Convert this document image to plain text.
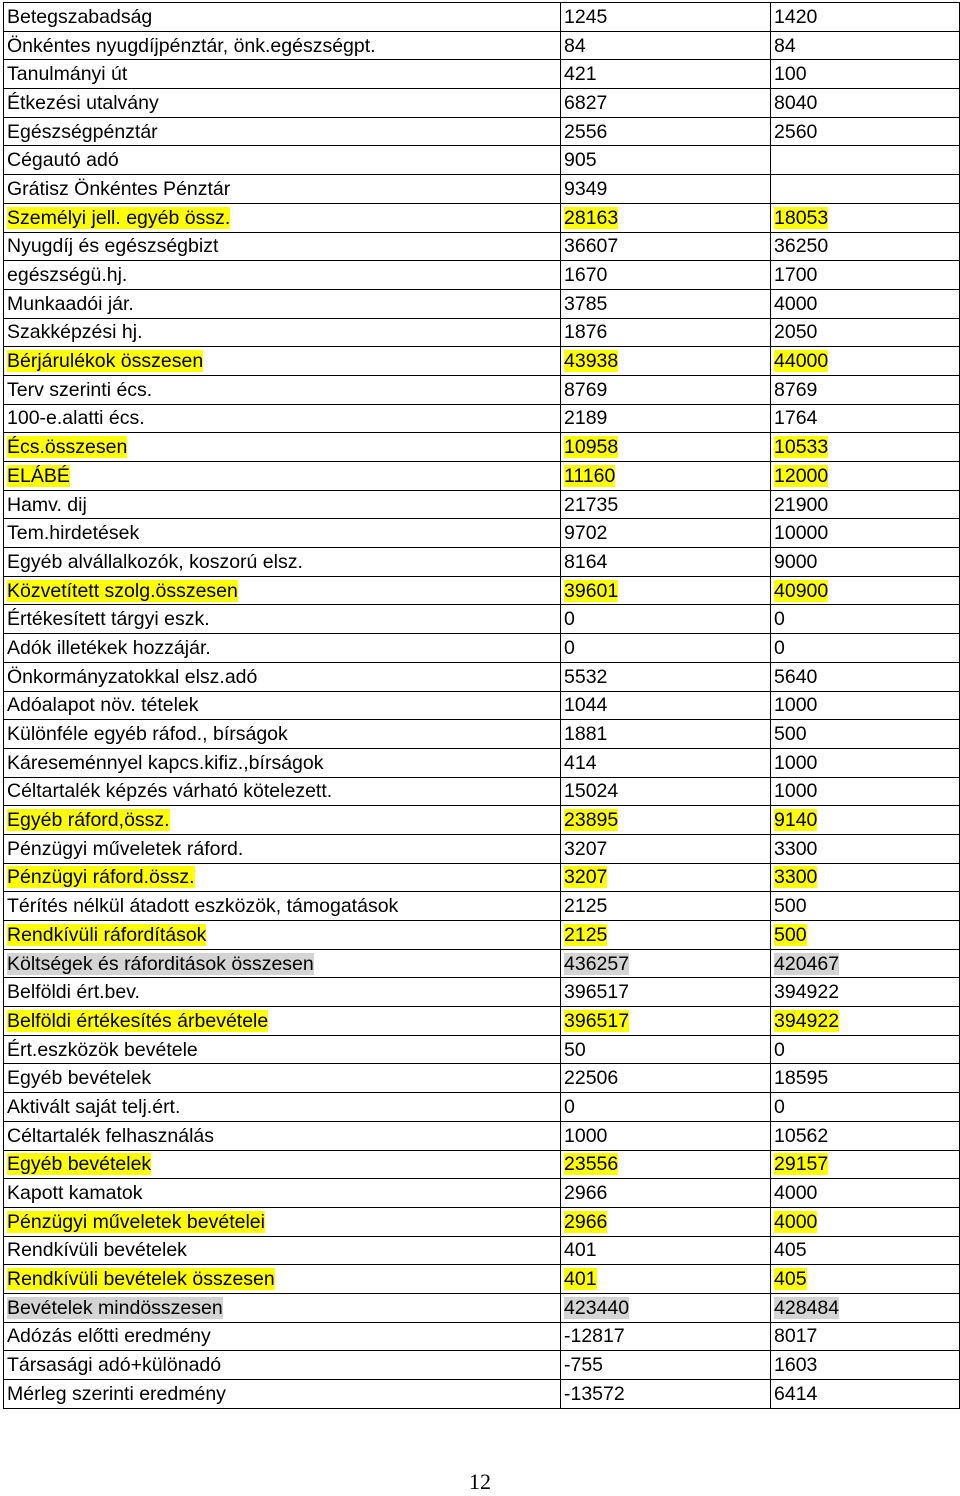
Betegszabadság	1245	1420
Önkéntes nyugdíjpénztár, önk.egészségpt.	84	84
Tanulmányi út	421	100
Étkezési utalvány	6827	8040
Egészségpénztár	2556	2560
Cégautó adó	905	
Grátisz Önkéntes Pénztár	9349	
Személyi jell. egyéb össz.	28163	18053
Nyugdíj és egészségbizt	36607	36250
egészségü.hj.	1670	1700
Munkaadói jár.	3785	4000
Szakképzési hj.	1876	2050
Bérjárulékok összesen	43938	44000
Terv szerinti écs.	8769	8769
100-e.alatti écs.	2189	1764
Écs.összesen	10958	10533
ELÁBÉ	11160	12000
Hamv. dij	21735	21900
Tem.hirdetések	9702	10000
Egyéb alvállalkozók, koszorú elsz.	8164	9000
Közvetített szolg.összesen	39601	40900
Értékesített tárgyi eszk.	0	0
Adók illetékek hozzájár.	0	0
Önkormányzatokkal elsz.adó	5532	5640
Adóalapot növ. tételek	1044	1000
Különféle egyéb ráfod., bírságok	1881	500
Káreseménnyel kapcs.kifiz.,bírságok	414	1000
Céltartalék képzés várható kötelezett.	15024	1000
Egyéb ráford,össz.	23895	9140
Pénzügyi műveletek ráford.	3207	3300
Pénzügyi ráford.össz.	3207	3300
Térítés nélkül átadott eszközök, támogatások	2125	500
Rendkívüli ráfordítások	2125	500
Költségek és ráforditások összesen	436257	420467
Belföldi ért.bev.	396517	394922
Belföldi értékesítés árbevétele	396517	394922
Ért.eszközök bevétele	50	0
Egyéb bevételek	22506	18595
Aktivált saját telj.ért.	0	0
Céltartalék felhasználás	1000	10562
Egyéb bevételek	23556	29157
Kapott kamatok	2966	4000
Pénzügyi műveletek bevételei	2966	4000
Rendkívüli bevételek	401	405
Rendkívüli bevételek összesen	401	405
Bevételek mindösszesen	423440	428484
Adózás előtti eredmény	-12817	8017
Társasági adó+különadó	-755	1603
Mérleg szerinti eredmény	-13572	6414
12
